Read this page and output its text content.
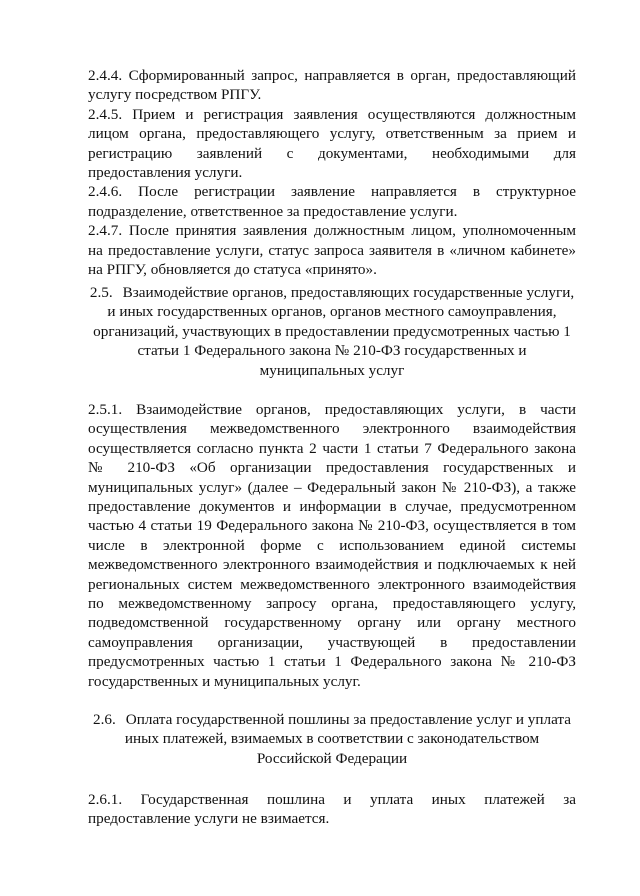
2.4.4. Сформированный запрос, направляется в орган, предоставляющий услугу посредством РПГУ.

2.4.5. Прием и регистрация заявления осуществляются должностным лицом органа, предоставляющего услугу, ответственным за прием и регистрацию заявлений с документами, необходимыми для предоставления услуги.

2.4.6. После регистрации заявление направляется в структурное подразделение, ответственное за предоставление услуги.

2.4.7. После принятия заявления должностным лицом, уполномоченным на предоставление услуги, статус запроса заявителя в «личном кабинете» на РПГУ, обновляется до статуса «принято».

2.5. Взаимодействие органов, предоставляющих государственные услуги, и иных государственных органов, органов местного самоуправления, организаций, участвующих в предоставлении предусмотренных частью 1 статьи 1 Федерального закона № 210-ФЗ государственных и муниципальных услуг

2.5.1. Взаимодействие органов, предоставляющих услуги, в части осуществления межведомственного электронного взаимодействия осуществляется согласно пункта 2 части 1 статьи 7 Федерального закона № 210-ФЗ «Об организации предоставления государственных и муниципальных услуг» (далее – Федеральный закон № 210-ФЗ), а также предоставление документов и информации в случае, предусмотренном частью 4 статьи 19 Федерального закона № 210-ФЗ, осуществляется в том числе в электронной форме с использованием единой системы межведомственного электронного взаимодействия и подключаемых к ней региональных систем межведомственного электронного взаимодействия по межведомственному запросу органа, предоставляющего услугу, подведомственной государственному органу или органу местного самоуправления организации, участвующей в предоставлении предусмотренных частью 1 статьи 1 Федерального закона № 210-ФЗ государственных и муниципальных услуг.

2.6. Оплата государственной пошлины за предоставление услуг и уплата иных платежей, взимаемых в соответствии с законодательством Российской Федерации

2.6.1. Государственная пошлина и уплата иных платежей за предоставление услуги не взимается.
